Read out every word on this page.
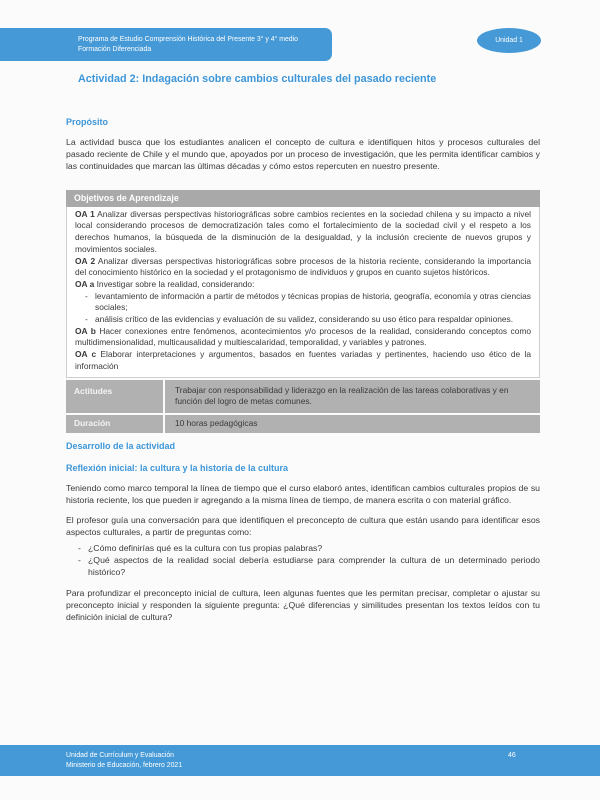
Programa de Estudio Comprensión Histórica del Presente 3° y 4° medio
Formación Diferenciada
Unidad 1
Actividad 2: Indagación sobre cambios culturales del pasado reciente
Propósito

La actividad busca que los estudiantes analicen el concepto de cultura e identifiquen hitos y procesos culturales del pasado reciente de Chile y el mundo que, apoyados por un proceso de investigación, que les permita identificar cambios y las continuidades que marcan las últimas décadas y cómo estos repercuten en nuestro presente.

Objetivos de Aprendizaje

OA 1 Analizar diversas perspectivas historiográficas sobre cambios recientes en la sociedad chilena y su impacto a nivel local considerando procesos de democratización tales como el fortalecimiento de la sociedad civil y el respeto a los derechos humanos, la búsqueda de la disminución de la desigualdad, y la inclusión creciente de nuevos grupos y movimientos sociales.

OA 2 Analizar diversas perspectivas historiográficas sobre procesos de la historia reciente, considerando la importancia del conocimiento histórico en la sociedad y el protagonismo de individuos y grupos en cuanto sujetos históricos.

OA a Investigar sobre la realidad, considerando:

- levantamiento de información a partir de métodos y técnicas propias de historia, geografía, economía y otras ciencias sociales;
- análisis crítico de las evidencias y evaluación de su validez, considerando su uso ético para respaldar opiniones.

OA b Hacer conexiones entre fenómenos, acontecimientos y/o procesos de la realidad, considerando conceptos como multidimensionalidad, multicausalidad y multiescalaridad, temporalidad, y variables y patrones.

OA c Elaborar interpretaciones y argumentos, basados en fuentes variadas y pertinentes, haciendo uso ético de la información

Actitudes	Trabajar con responsabilidad y liderazgo en la realización de las tareas colaborativas y en función del logro de metas comunes.
Duración	10 horas pedagógicas
Desarrollo de la actividad
Reflexión inicial: la cultura y la historia de la cultura

Teniendo como marco temporal la línea de tiempo que el curso elaboró antes, identifican cambios culturales propios de su historia reciente, los que pueden ir agregando a la misma línea de tiempo, de manera escrita o con material gráfico.

El profesor guía una conversación para que identifiquen el preconcepto de cultura que están usando para identificar esos aspectos culturales, a partir de preguntas como:

- ¿Cómo definirías qué es la cultura con tus propias palabras?
- ¿Qué aspectos de la realidad social debería estudiarse para comprender la cultura de un determinado periodo histórico?

Para profundizar el preconcepto inicial de cultura, leen algunas fuentes que les permitan precisar, completar o ajustar su preconcepto inicial y responden la siguiente pregunta: ¿Qué diferencias y similitudes presentan los textos leídos con tu definición inicial de cultura?

Unidad de Currículum y Evaluación
Ministerio de Educación, febrero 2021
46
